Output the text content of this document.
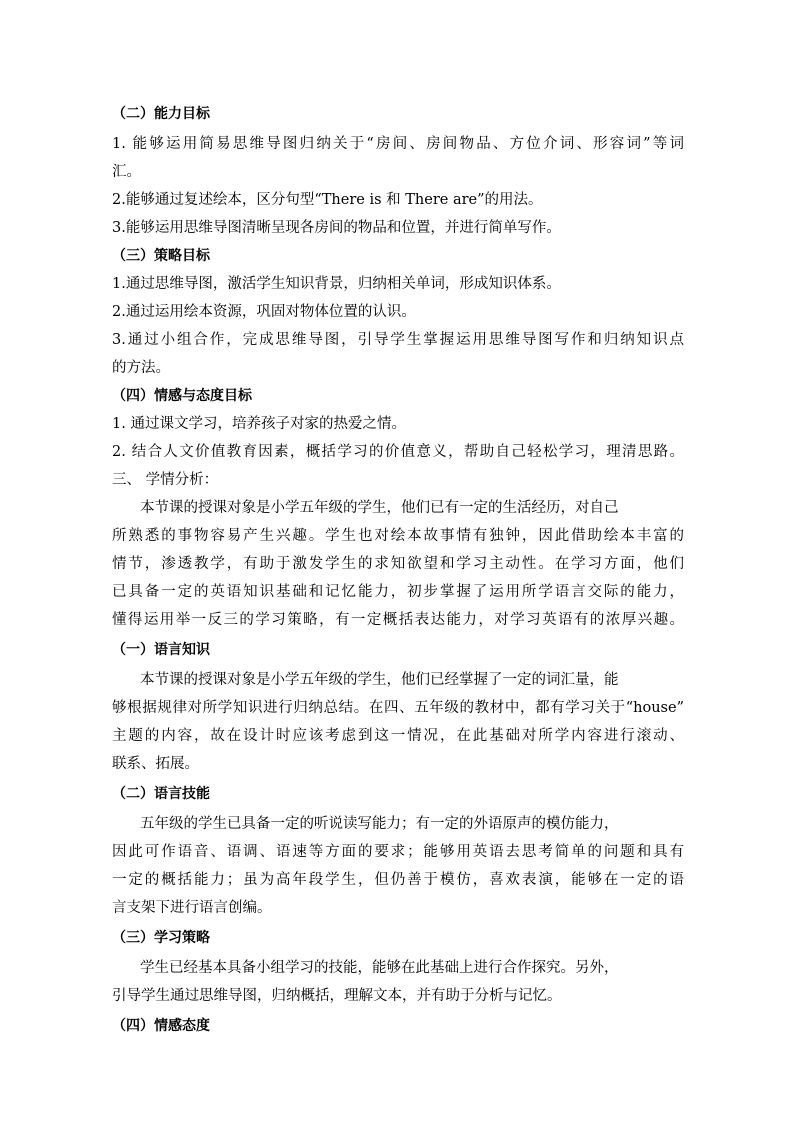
（二）能力目标
1. 能够运用简易思维导图归纳关于“房间、房间物品、方位介词、形容词”等词
汇。
2.能够通过复述绘本，区分句型“There is 和 There are”的用法。
3.能够运用思维导图清晰呈现各房间的物品和位置，并进行简单写作。
（三）策略目标
1.通过思维导图，激活学生知识背景，归纳相关单词，形成知识体系。
2.通过运用绘本资源，巩固对物体位置的认识。
3.通过小组合作，完成思维导图，引导学生掌握运用思维导图写作和归纳知识点
的方法。
（四）情感与态度目标
1. 通过课文学习，培养孩子对家的热爱之情。
2. 结合人文价值教育因素，概括学习的价值意义，帮助自己轻松学习，理清思路。
三、 学情分析：
本节课的授课对象是小学五年级的学生，他们已有一定的生活经历，对自己
所熟悉的事物容易产生兴趣。学生也对绘本故事情有独钟，因此借助绘本丰富的
情节，渗透教学，有助于激发学生的求知欲望和学习主动性。在学习方面，他们
已具备一定的英语知识基础和记忆能力，初步掌握了运用所学语言交际的能力，
懂得运用举一反三的学习策略，有一定概括表达能力，对学习英语有的浓厚兴趣。
（一）语言知识
本节课的授课对象是小学五年级的学生，他们已经掌握了一定的词汇量，能
够根据规律对所学知识进行归纳总结。在四、五年级的教材中，都有学习关于“house”
主题的内容，故在设计时应该考虑到这一情况，在此基础对所学内容进行滚动、
联系、拓展。
（二）语言技能
五年级的学生已具备一定的听说读写能力；有一定的外语原声的模仿能力，
因此可作语音、语调、语速等方面的要求；能够用英语去思考简单的问题和具有
一定的概括能力；虽为高年段学生，但仍善于模仿，喜欢表演，能够在一定的语
言支架下进行语言创编。
（三）学习策略
学生已经基本具备小组学习的技能，能够在此基础上进行合作探究。另外，
引导学生通过思维导图，归纳概括，理解文本，并有助于分析与记忆。
（四）情感态度
